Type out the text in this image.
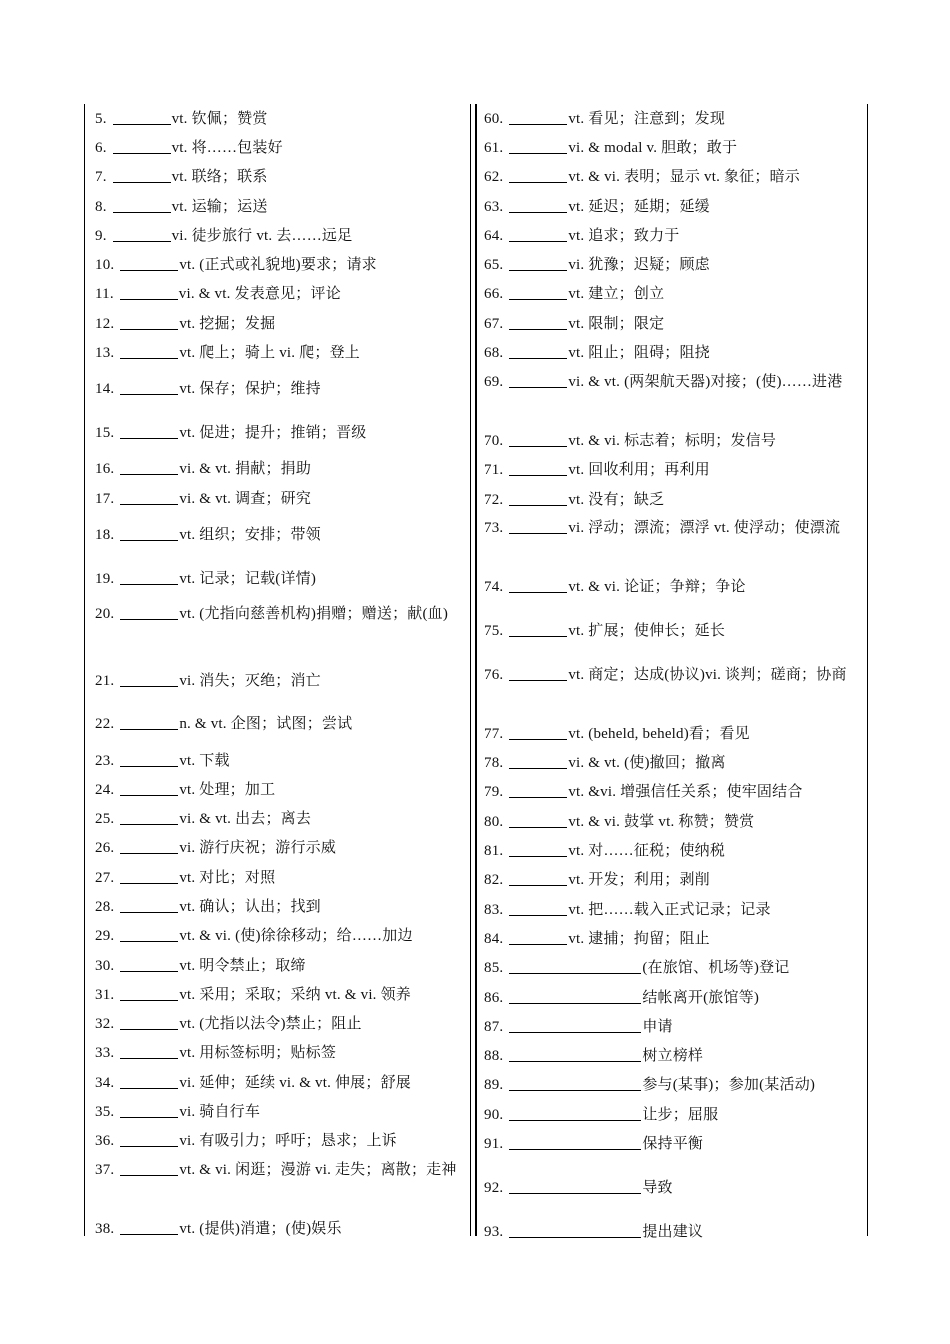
5.	vt. 钦佩；赞赏
6.	vt. 将……包装好
7.	vt. 联络；联系
8.	vt. 运输；运送
9.	vi. 徒步旅行 vt. 去……远足
10.	vt. (正式或礼貌地)要求；请求
11.	vi. & vt. 发表意见；评论
12.	vt. 挖掘；发掘
13.	vt. 爬上；骑上 vi. 爬；登上
14.	vt. 保存；保护；维持
15.	vt. 促进；提升；推销；晋级
16.	vi. & vt. 捐献；捐助
17.	vi. & vt. 调查；研究
18.	vt. 组织；安排；带领
19.	vt. 记录；记载(详情)
20.	vt. (尤指向慈善机构)捐赠；赠送；献(血)
21.	vi. 消失；灭绝；消亡
22.	n. & vt. 企图；试图；尝试
23.	vt. 下载
24.	vt. 处理；加工
25.	vi. & vt. 出去；离去
26.	vi. 游行庆祝；游行示威
27.	vt. 对比；对照
28.	vt. 确认；认出；找到
29.	vt. & vi. (使)徐徐移动；给……加边
30.	vt. 明令禁止；取缔
31.	vt. 采用；采取；采纳 vt. & vi. 领养
32.	vt. (尤指以法令)禁止；阻止
33.	vt. 用标签标明；贴标签
34.	vi. 延伸；延续 vi. & vt. 伸展；舒展
35.	vi. 骑自行车
36.	vi. 有吸引力；呼吁；恳求；上诉
37.	vt. & vi. 闲逛；漫游 vi. 走失；离散；走神
38.	vt. (提供)消遣；(使)娱乐
60.	vt. 看见；注意到；发现
61.	vi. & modal v. 胆敢；敢于
62.	vt. & vi. 表明；显示 vt. 象征；暗示
63.	vt. 延迟；延期；延缓
64.	vt. 追求；致力于
65.	vi. 犹豫；迟疑；顾虑
66.	vt. 建立；创立
67.	vt. 限制；限定
68.	vt. 阻止；阻碍；阻挠
69.	vi. & vt. (两架航天器)对接；(使)……进港
70.	vt. & vi. 标志着；标明；发信号
71.	vt. 回收利用；再利用
72.	vt. 没有；缺乏
73.	vi. 浮动；漂流；漂浮 vt. 使浮动；使漂流
74.	vt. & vi. 论证；争辩；争论
75.	vt. 扩展；使伸长；延长
76.	vt. 商定；达成(协议)vi. 谈判；磋商；协商
77.	vt. (beheld, beheld)看；看见
78.	vi. & vt. (使)撤回；撤离
79.	vt. &vi. 增强信任关系；使牢固结合
80.	vt. & vi. 鼓掌 vt. 称赞；赞赏
81.	vt. 对……征税；使纳税
82.	vt. 开发；利用；剥削
83.	vt. 把……载入正式记录；记录
84.	vt. 逮捕；拘留；阻止
85.	(在旅馆、机场等)登记
86.	结帐离开(旅馆等)
87.	申请
88.	树立榜样
89.	参与(某事)；参加(某活动)
90.	让步；屈服
91.	保持平衡
92.	导致
93.	提出建议
